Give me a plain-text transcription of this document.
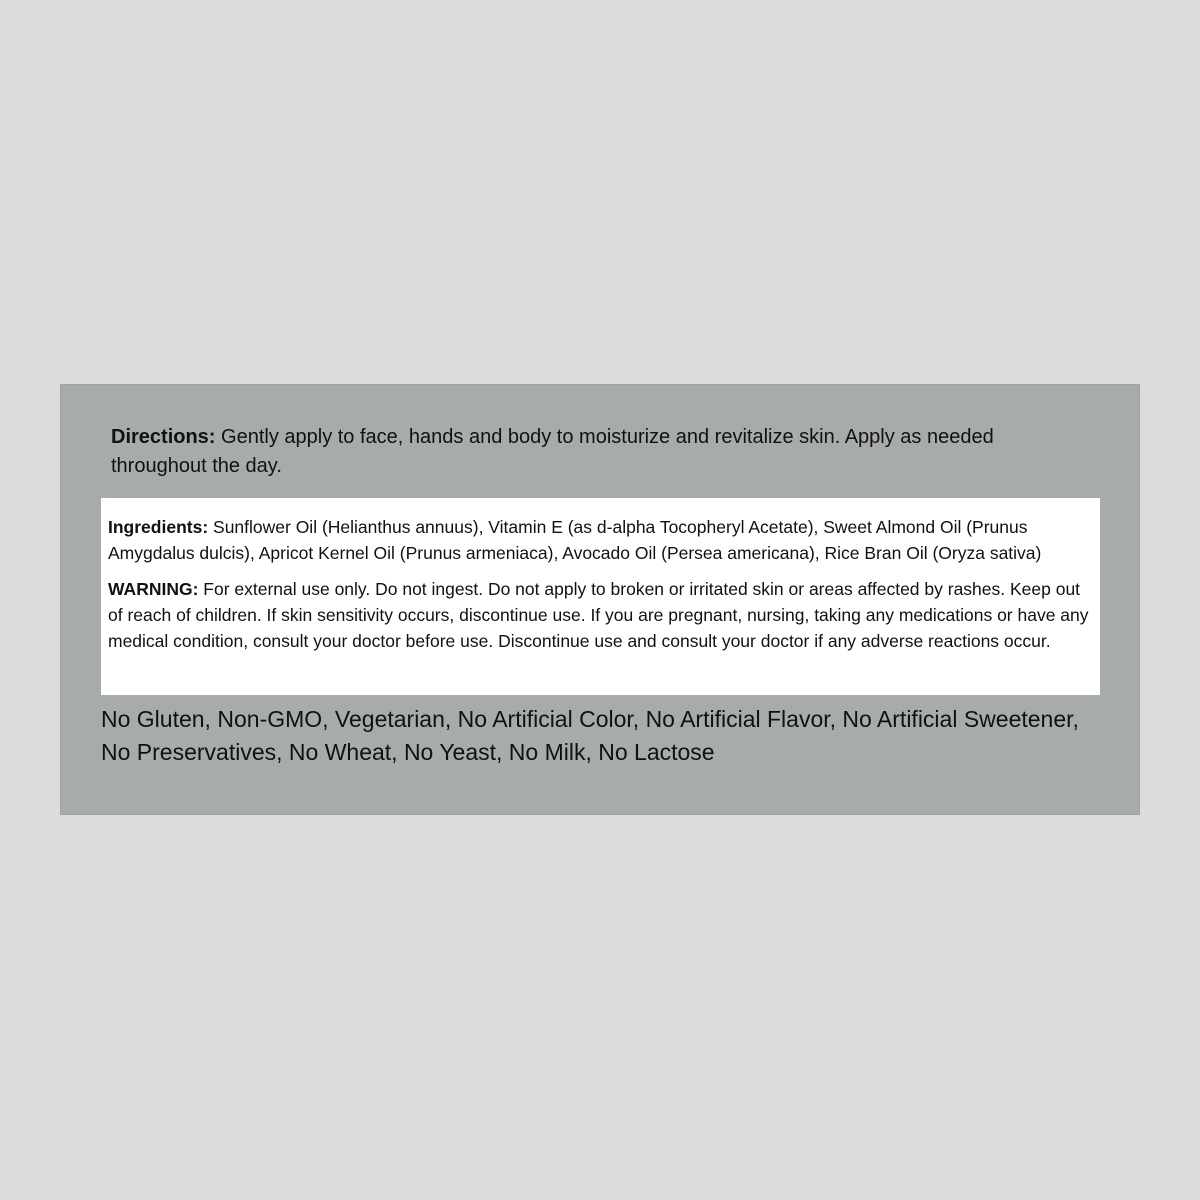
Directions: Gently apply to face, hands and body to moisturize and revitalize skin. Apply as needed throughout the day.

Ingredients: Sunflower Oil (Helianthus annuus), Vitamin E (as d-alpha Tocopheryl Acetate), Sweet Almond Oil (Prunus Amygdalus dulcis), Apricot Kernel Oil (Prunus armeniaca), Avocado Oil (Persea americana), Rice Bran Oil (Oryza sativa)

WARNING: For external use only. Do not ingest. Do not apply to broken or irritated skin or areas affected by rashes. Keep out of reach of children. If skin sensitivity occurs, discontinue use. If you are pregnant, nursing, taking any medications or have any medical condition, consult your doctor before use. Discontinue use and consult your doctor if any adverse reactions occur.

No Gluten, Non-GMO, Vegetarian, No Artificial Color, No Artificial Flavor, No Artificial Sweetener, No Preservatives, No Wheat, No Yeast, No Milk, No Lactose
